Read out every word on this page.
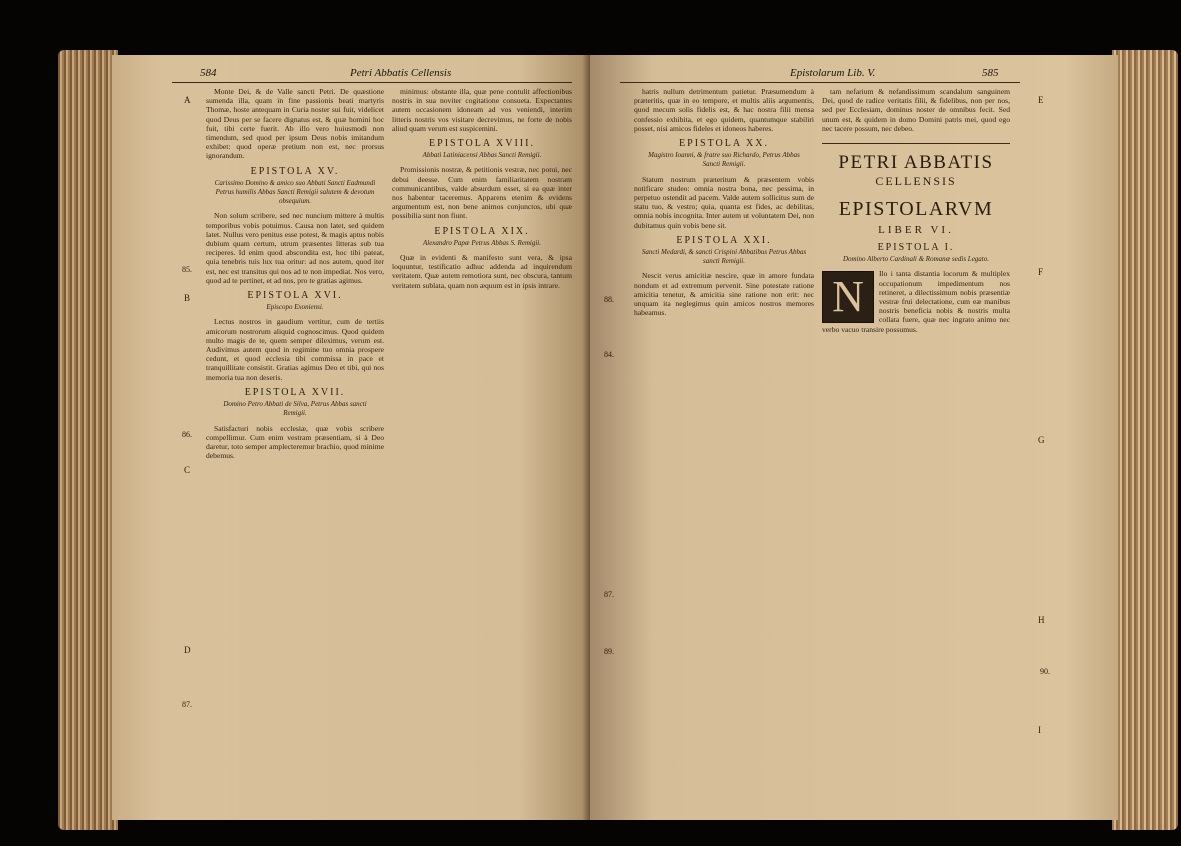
584	Petri Abbatis Cellensis
A
B
C
D
85.
86.
87.

Monte Dei, & de Valle sancti Petri. De quæstione sumenda illa, quam in fine passionis beati martyris Thomæ, hoste antequam in Curia noster sui fuit, videlicet quod Deus per se facere dignatus est, & quæ homini hoc fuit, tibi certe fuerit. Ab illo vero huiusmodi non timendum, sed quod per ipsum Deus nobis imitandum exhibet: quod operæ pretium non est, nec prorsus ignorandum.

EPISTOLA XV.
Carissimo Domino & amico suo Abbati Sancti Eadmundi Petrus humilis Abbas Sancti Remigii salutem & devotum obsequium.

Non solum scribere, sed nec nuncium mittere à multis temporibus vobis potuimus. Causa non latet, sed quidem latet. Nullus vero penitus esse potest, & magis aptus nobis dubium quam certum, utrum præsentes litteras sub tua reciperes. Id enim quod abscondita est, hoc tibi pateat, quia tenebris tuis lux tua oritur: ad nos autem, quod iter est, nec est transitus qui nos ad te non impediat. Nos vero, quod ad te pertinet, et ad nos, pro te gratias agimus.

EPISTOLA XVI.
Episcopo Exoniensi.

Lectus nostros in gaudium vertitur, cum de tertiis amicorum nostrorum aliquid cognoscimus. Quod quidem multo magis de te, quem semper dileximus, verum est. Audivimus autem quod in regimine tuo omnia prospere cedunt, et quod ecclesia tibi commissa in pace et tranquillitate consistit. Gratias agimus Deo et tibi, qui nos memoria tua non deseris.

EPISTOLA XVII.
Domino Petro Abbati de Silva, Petrus Abbas sancti Remigii.

Satisfacturi nobis ecclesiæ, quæ vobis scribere compellimur. Cum enim vestram præsentiam, si à Deo daretur, toto semper amplecteremur brachio, quod minime debemus.

minimus: obstante illa, quæ pene contulit affectionibus nostris in sua noviter cogitatione consueta. Expectantes autem occasionem idoneam ad vos veniendi, interim litteris nostris vos visitare decrevimus, ne forte de nobis aliud quam verum est suspicemini.

EPISTOLA XVIII.
Abbati Latiniacensi Abbas Sancti Remigii.

Promissionis nostræ, & petitionis vestræ, nec potui, nec debui deesse. Cum enim familiaritatem nostram communicantibus, valde absurdum esset, si ea quæ inter nos habentur taceremus. Apparens etenim & evidens argumentum est, non bene animos conjunctos, ubi quæ possibilia sunt non fiunt.

EPISTOLA XIX.
Alexandro Papæ Petrus Abbas S. Remigii.

Quæ in evidenti & manifesto sunt vera, & ipsa loquuntur, testificatio adhuc addenda ad inquirendum veritatem. Quæ autem remotiora sunt, nec obscura, tantum veritatem sublata, quam non æquum est in ipsis intrare.

Epistolarum Lib. V.	585
E
F
G
H
I
88.
84.
87.
89.
90.

hatris nullum detrimentum patietur. Præsumendum à præteritis, quæ in eo tempore, et multis aliis argumentis, quod mecum solis fidelis est, & hac nostra filii mensa confessio exhibita, et ego quidem, quantumque stabiliri posset, nisi amicos fideles et idoneos haberes.

EPISTOLA XX.
Magistro Ioanni, & fratre suo Richardo, Petrus Abbas Sancti Remigii.

Statum nostrum præteritum & præsentem vobis notificare studeo: omnia nostra bona, nec pessima, in perpetuo ostendit ad pacem. Valde autem sollicitus sum de statu tuo, & vestro; quia, quanta est fides, ac debilitas, omnia nobis incognita. Inter autem ut voluntatem Dei, non dubitamus quin vobis bene sit.

EPISTOLA XXI.
Sancti Medardi, & sancti Crispini Abbatibus Petrus Abbas sancti Remigii.

Nescit verus amicitiæ nescire, quæ in amore fundata nondum et ad extremum pervenit. Sine potestate ratione amicitia tenetur, & amicitia sine ratione non erit: nec unquam ita neglegimus quin amicos nostros memores habeamus.

tam nefarium & nefandissimum scandalum sanguinem Dei, quod de radice veritatis filii, & fidelibus, non per nos, sed per Ecclesiam, dominus noster de omnibus fecit. Sed unum est, & quidem in domo Domini patris mei, quod ego nec tacere possum, nec debeo.

PETRI ABBATIS
CELLENSIS
EPISTOLARVM
LIBER VI.
EPISTOLA I.
Domino Alberto Cardinali & Romanæ sedis Legato.

N	Ilo i tanta distantia locorum & multiplex occupationum impedimentum nos retineret, a dilectissimum nobis præsentiæ vestræ frui delectatione, cum eæ manibus nostris beneficia nobis & nostris multa collata fuere, quæ nec ingrato animo nec verbo vacuo transire possumus.
